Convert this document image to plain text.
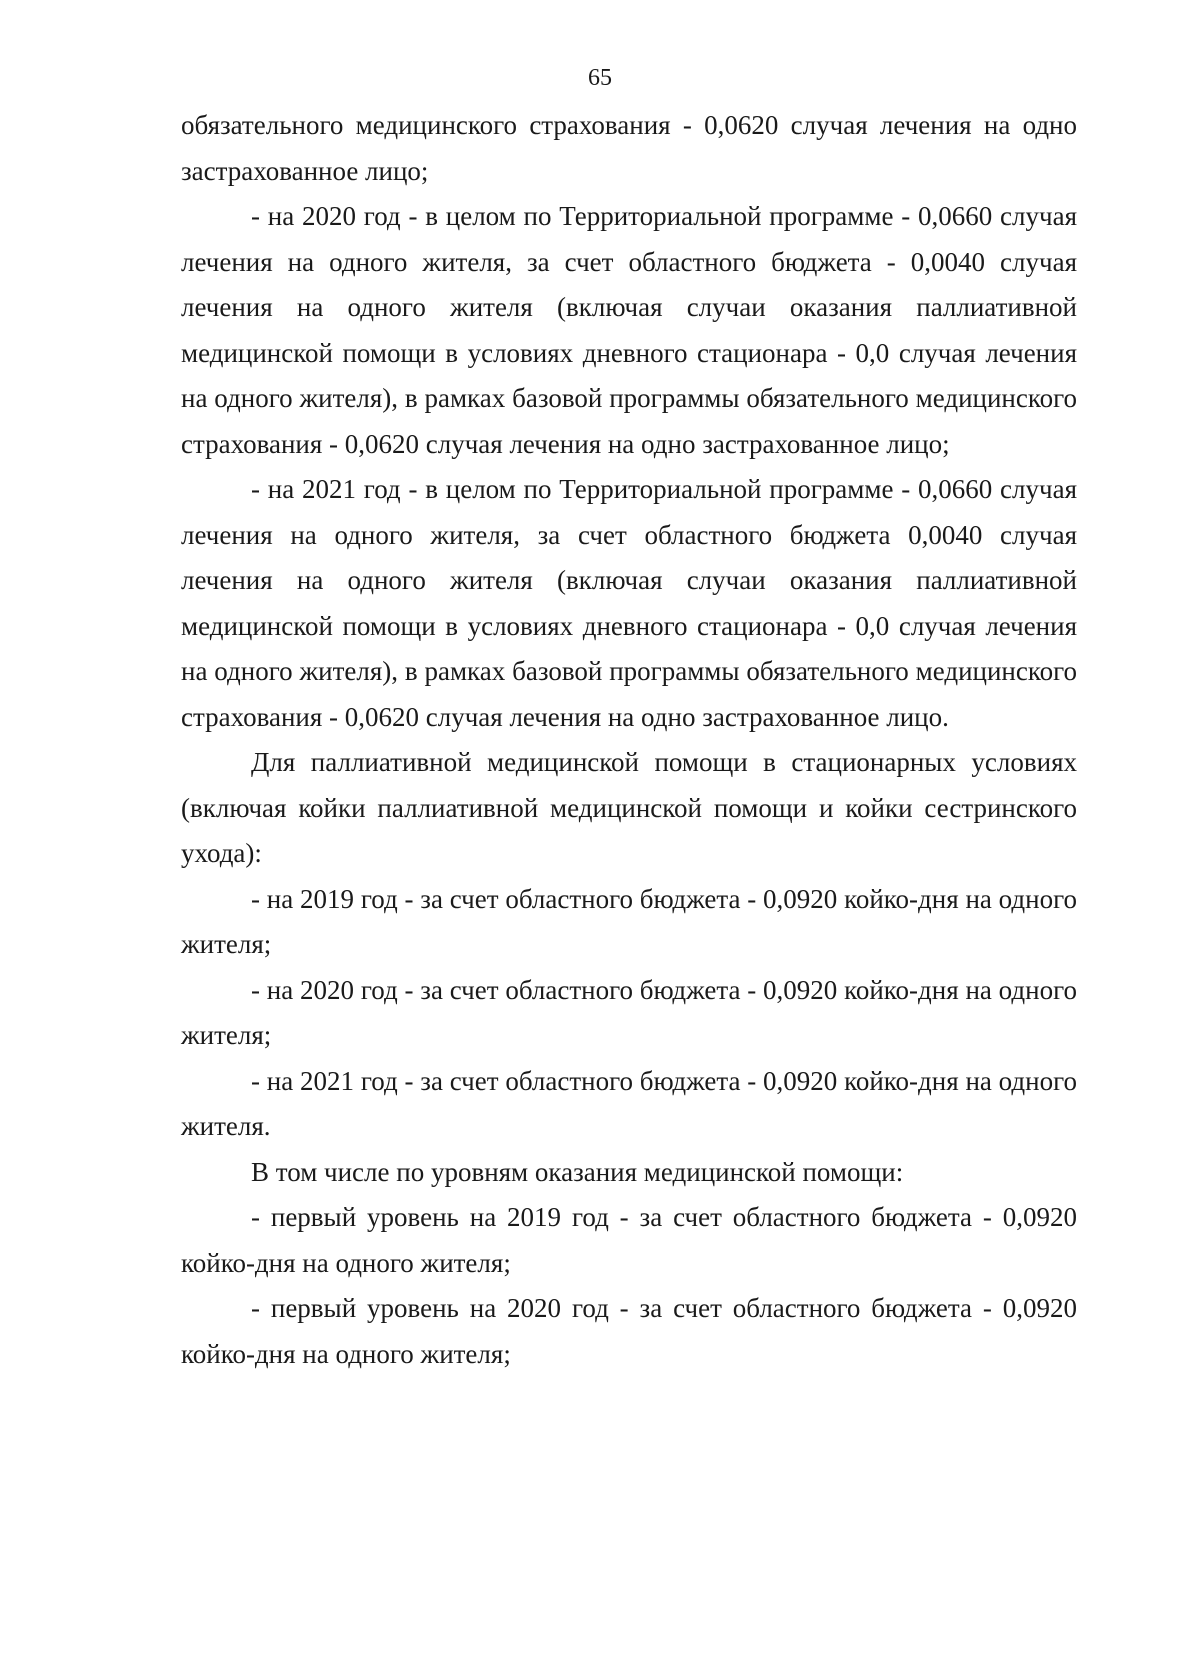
65

обязательного медицинского страхования - 0,0620 случая лечения на одно застрахованное лицо;

- на 2020 год - в целом по Территориальной программе - 0,0660 случая лечения на одного жителя, за счет областного бюджета - 0,0040 случая лечения на одного жителя (включая случаи оказания паллиативной медицинской помощи в условиях дневного стационара - 0,0 случая лечения на одного жителя), в рамках базовой программы обязательного медицинского страхования - 0,0620 случая лечения на одно застрахованное лицо;

- на 2021 год - в целом по Территориальной программе - 0,0660 случая лечения на одного жителя, за счет областного бюджета 0,0040 случая лечения на одного жителя (включая случаи оказания паллиативной медицинской помощи в условиях дневного стационара - 0,0 случая лечения на одного жителя), в рамках базовой программы обязательного медицинского страхования - 0,0620 случая лечения на одно застрахованное лицо.

Для паллиативной медицинской помощи в стационарных условиях (включая койки паллиативной медицинской помощи и койки сестринского ухода):

- на 2019 год - за счет областного бюджета - 0,0920 койко-дня на одного жителя;

- на 2020 год - за счет областного бюджета - 0,0920 койко-дня на одного жителя;

- на 2021 год - за счет областного бюджета - 0,0920 койко-дня на одного жителя.

В том числе по уровням оказания медицинской помощи:

- первый уровень на 2019 год - за счет областного бюджета - 0,0920 койко-дня на одного жителя;

- первый уровень на 2020 год - за счет областного бюджета - 0,0920 койко-дня на одного жителя;
